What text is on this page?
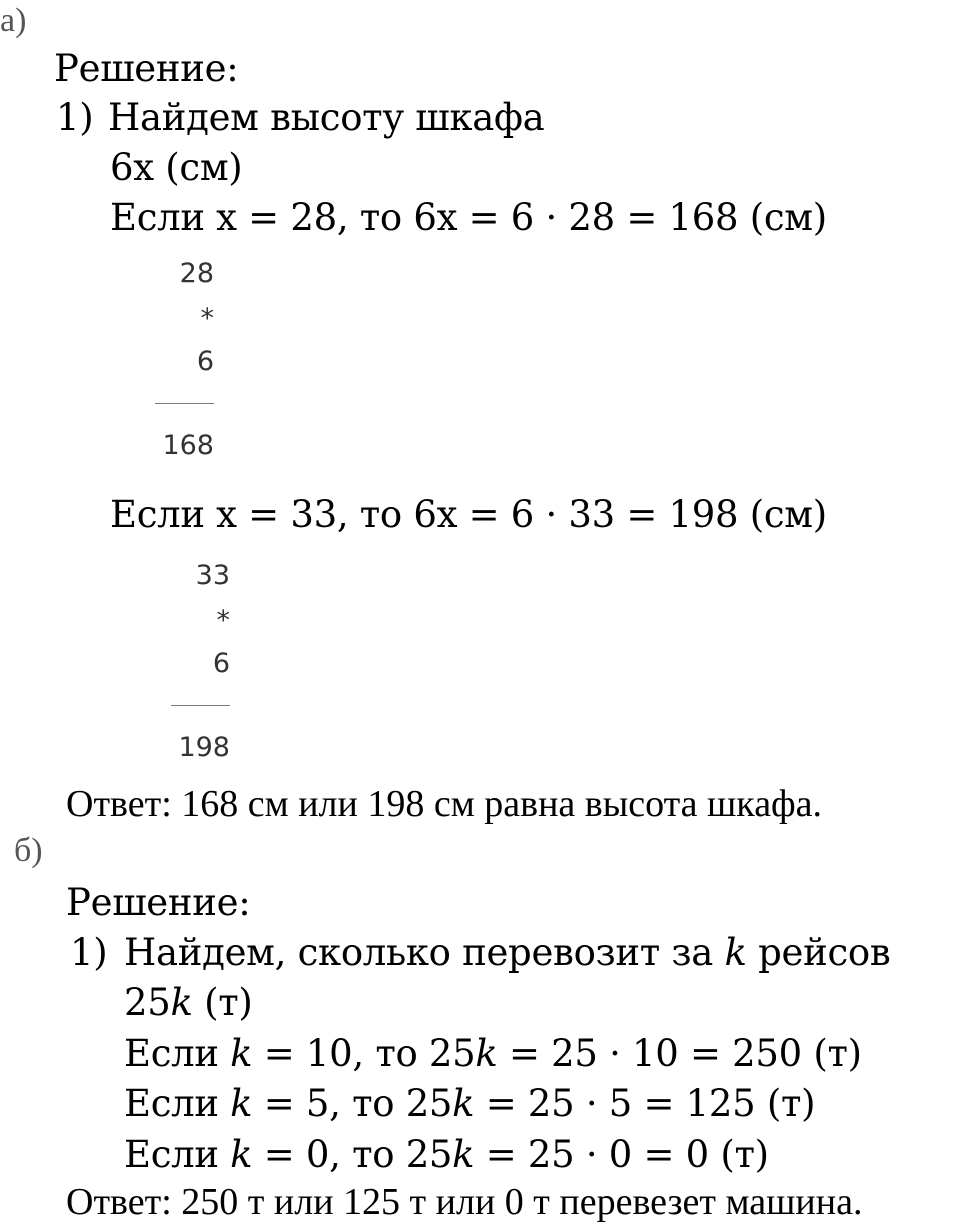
а)
Решение:
1) Найдем высоту шкафа
6x (см)
Если x = 28, то 6x = 6 · 28 = 168 (см)
28
*
6
168
Если x = 33, то 6x = 6 · 33 = 198 (см)
33
*
6
198
Ответ: 168 см или 198 см равна высота шкафа.
б)
Решение:
1) Найдем, сколько перевозит за k рейсов
25k (т)
Если k = 10, то 25k = 25 · 10 = 250 (т)
Если k = 5, то 25k = 25 · 5 = 125 (т)
Если k = 0, то 25k = 25 · 0 = 0 (т)
Ответ: 250 т или 125 т или 0 т перевезет машина.
